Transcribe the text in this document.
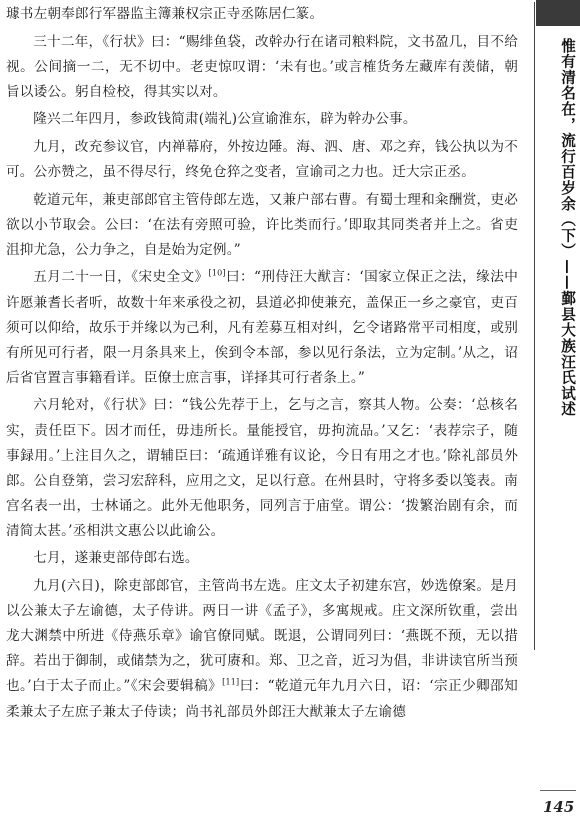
璩书左朝奉郎行军器监主簿兼权宗正寺丞陈居仁篆。

三十二年，《行状》曰：“赐绯鱼袋，改幹办行在诸司粮料院，文书盈几，目不给视。公间摘一二，无不切中。老吏惊叹谓：‘未有也。’或言榷货务左藏库有羡储，朝旨以诿公。躬自检校，得其实以对。

隆兴二年四月，参政钱简肃(端礼)公宣谕淮东，辟为幹办公事。

九月，改充参议官，内禅幕府，外按边陲。海、泗、唐、邓之弃，钱公执以为不可。公亦赞之，虽不得尽行，终免仓猝之变者，宣谕司之力也。迁大宗正丞。

乾道元年，兼吏部郎官主管侍郎左选，又兼户部右曹。有蜀士理和籴酬赏，吏必欲以小节取会。公曰：‘在法有旁照可验，许比类而行。’即取其同类者并上之。省吏沮抑尤急，公力争之，自是始为定例。”

五月二十一日，《宋史全文》[10]曰：“刑侍汪大猷言：‘国家立保正之法，缘法中许愿兼耆长者听，故数十年来承役之初，县道必抑使兼充，盖保正一乡之豪官，吏百须可以仰给，故乐于并缘以为己利，凡有差募互相对纠，乞令诸路常平司相度，或别有所见可行者，限一月条具来上，俟到令本部，参以见行条法，立为定制。’从之，诏后省官置言事籍看详。臣僚士庶言事，详择其可行者条上。”

六月轮对，《行状》曰：“钱公先荐于上，乞与之言，察其人物。公奏：‘总核名实，责任臣下。因才而任，毋违所长。量能授官，毋拘流品。’又乞：‘表荐宗子，随事録用。’上注目久之，谓辅臣曰：‘疏通详雅有议论，今日有用之才也。’除礼部员外郎。公自登第，尝习宏辞科，应用之文，足以行意。在州县时，守将多委以笺表。南宫名表一出，士林诵之。此外无他职务，同列言于庙堂。谓公：‘拨繁治剧有余，而清简太甚。’丞相洪文惠公以此谕公。

七月，遂兼吏部侍郎右选。

九月(六日)，除吏部郎官，主管尚书左选。庄文太子初建东宫，妙选僚案。是月以公兼太子左谕德，太子侍讲。两日一讲《孟子》，多寓规戒。庄文深所钦重，尝出龙大渊禁中所进《侍燕乐章》谕官僚同赋。既退，公谓同列曰：‘燕既不预，无以措辞。若出于御制，或储禁为之，犹可赓和。郑、卫之音，近习为倡，非讲读官所当预也。’白于太子而止。”《宋会要辑稿》[11]曰：“乾道元年九月六日，诏：‘宗正少卿邵知柔兼太子左庶子兼太子侍读；尚书礼部员外郎汪大猷兼太子左谕德

惟有清名在，流行百岁余（下）——鄞县大族汪氏试述
145
